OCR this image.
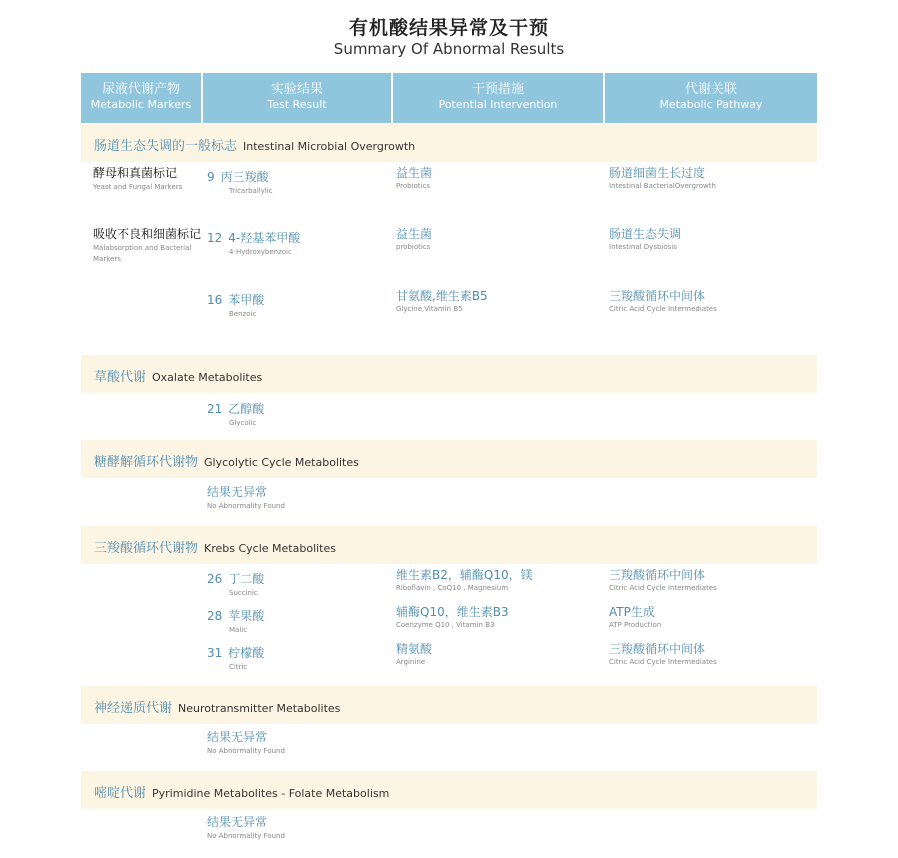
有机酸结果异常及干预
Summary Of Abnormal Results
尿液代谢产物
Metabolic Markers
实验结果
Test Result
干预措施
Potential Intervention
代谢关联
Metabolic Pathway
肠道生态失调的一般标志 Intestinal Microbial Overgrowth
酵母和真菌标记
Yeast and Fungal Markers
吸收不良和细菌标记
Malabsorption and Bacterial Markers
9 丙三羧酸
Tricarballylic
益生菌
Probiotics
肠道细菌生长过度
Intestinal BacterialOvergrowth
12 4-羟基苯甲酸
4-Hydroxybenzoic
益生菌
probiotics
肠道生态失调
Intestinal Dysbiosis
16 苯甲酸
Benzoic
甘氨酸,维生素B5
Glycine,Vitamin B5
三羧酸循环中间体
Citric Acid Cycle Intermediates
草酸代谢 Oxalate Metabolites
21 乙醇酸
Glycolic
糖酵解循环代谢物 Glycolytic Cycle Metabolites
结果无异常
No Abnormality Found
三羧酸循环代谢物 Krebs Cycle Metabolites
26 丁二酸
Succinic
维生素B2，辅酶Q10，镁
Riboflavin , CoQ10 , Magnesium
三羧酸循环中间体
Citric Acid Cycle Intermediates
28 苹果酸
Malic
辅酶Q10，维生素B3
Coenzyme Q10 , Vitamin B3
ATP生成
ATP Production
31 柠檬酸
Citric
精氨酸
Arginine
三羧酸循环中间体
Citric Acid Cycle Intermediates
神经递质代谢 Neurotransmitter Metabolites
结果无异常
No Abnormality Found
嘧啶代谢 Pyrimidine Metabolites - Folate Metabolism
结果无异常
No Abnormality Found
